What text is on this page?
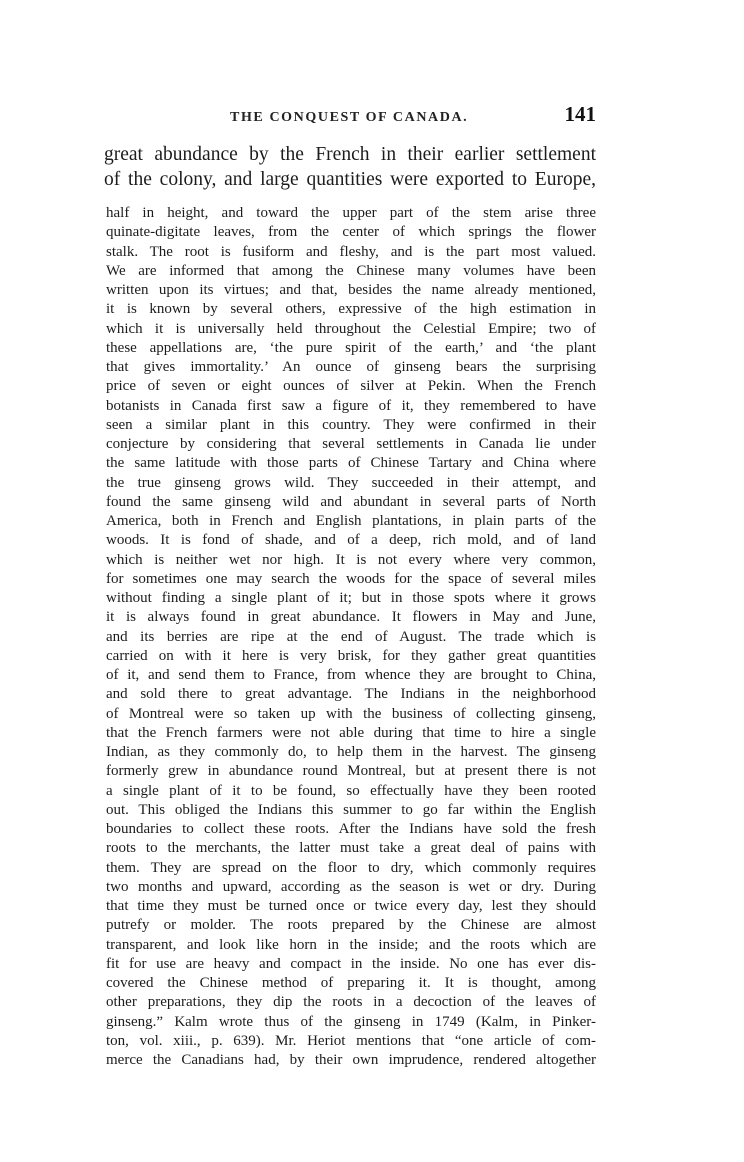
THE CONQUEST OF CANADA.	141
great abundance by the French in their earlier settlement
of the colony, and large quantities were exported to Europe,
half in height, and toward the upper part of the stem arise three
quinate-digitate leaves, from the center of which springs the flower
stalk. The root is fusiform and fleshy, and is the part most valued.
We are informed that among the Chinese many volumes have been
written upon its virtues; and that, besides the name already mentioned,
it is known by several others, expressive of the high estimation in
which it is universally held throughout the Celestial Empire; two of
these appellations are, ‘the pure spirit of the earth,’ and ‘the plant
that gives immortality.’ An ounce of ginseng bears the surprising
price of seven or eight ounces of silver at Pekin. When the French
botanists in Canada first saw a figure of it, they remembered to have
seen a similar plant in this country. They were confirmed in their
conjecture by considering that several settlements in Canada lie under
the same latitude with those parts of Chinese Tartary and China where
the true ginseng grows wild. They succeeded in their attempt, and
found the same ginseng wild and abundant in several parts of North
America, both in French and English plantations, in plain parts of the
woods. It is fond of shade, and of a deep, rich mold, and of land
which is neither wet nor high. It is not every where very common,
for sometimes one may search the woods for the space of several miles
without finding a single plant of it; but in those spots where it grows
it is always found in great abundance. It flowers in May and June,
and its berries are ripe at the end of August. The trade which is
carried on with it here is very brisk, for they gather great quantities
of it, and send them to France, from whence they are brought to China,
and sold there to great advantage. The Indians in the neighborhood
of Montreal were so taken up with the business of collecting ginseng,
that the French farmers were not able during that time to hire a single
Indian, as they commonly do, to help them in the harvest. The ginseng
formerly grew in abundance round Montreal, but at present there is not
a single plant of it to be found, so effectually have they been rooted
out. This obliged the Indians this summer to go far within the English
boundaries to collect these roots. After the Indians have sold the fresh
roots to the merchants, the latter must take a great deal of pains with
them. They are spread on the floor to dry, which commonly requires
two months and upward, according as the season is wet or dry. During
that time they must be turned once or twice every day, lest they should
putrefy or molder. The roots prepared by the Chinese are almost
transparent, and look like horn in the inside; and the roots which are
fit for use are heavy and compact in the inside. No one has ever dis-
covered the Chinese method of preparing it. It is thought, among
other preparations, they dip the roots in a decoction of the leaves of
ginseng.” Kalm wrote thus of the ginseng in 1749 (Kalm, in Pinker-
ton, vol. xiii., p. 639). Mr. Heriot mentions that “one article of com-
merce the Canadians had, by their own imprudence, rendered altogether
